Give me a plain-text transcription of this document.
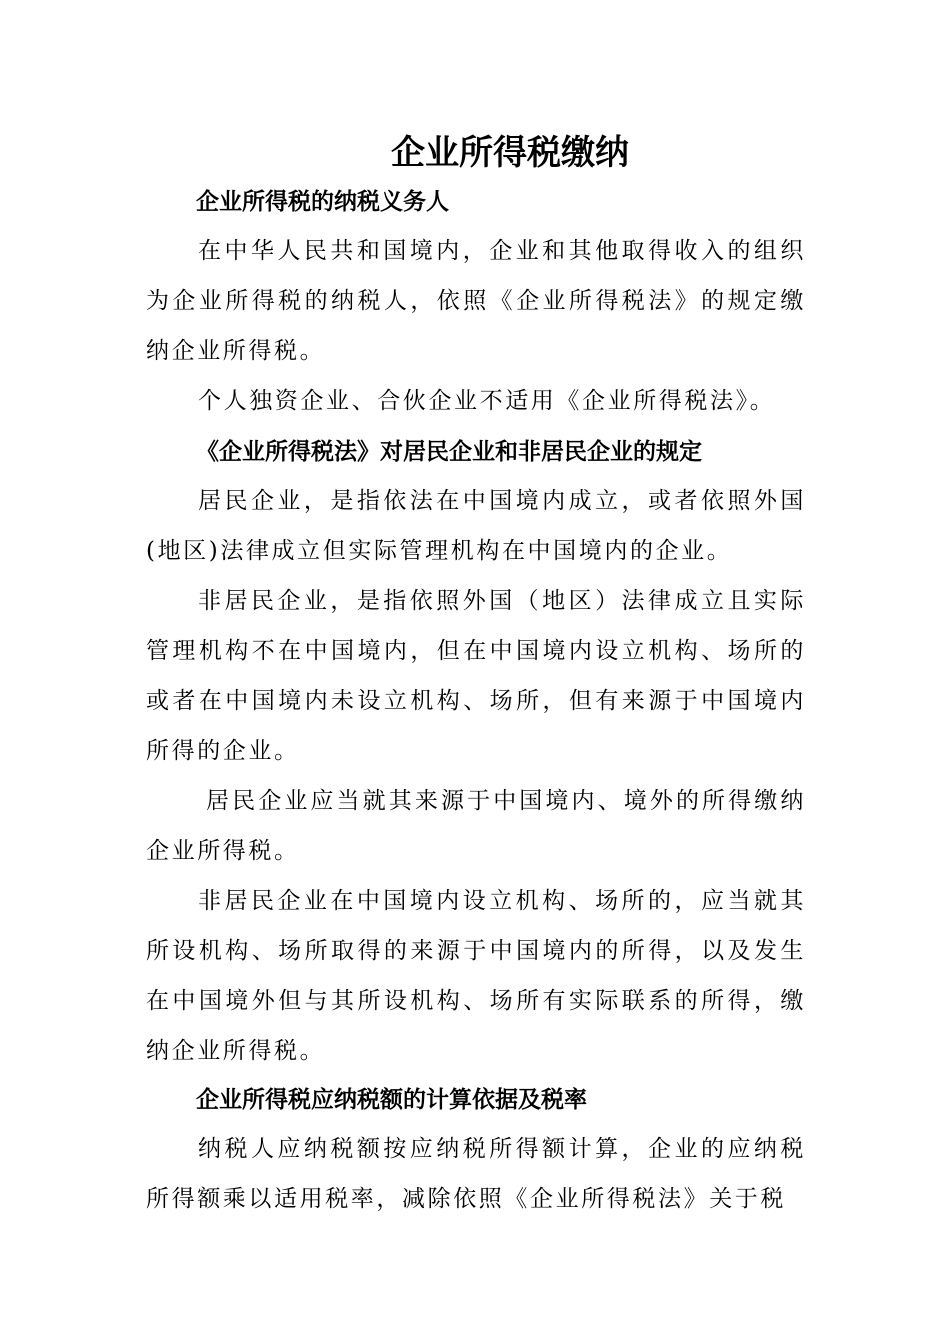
企业所得税缴纳
企业所得税的纳税义务人
在中华人民共和国境内，企业和其他取得收入的组织为企业所得税的纳税人，依照《企业所得税法》的规定缴纳企业所得税。
个人独资企业、合伙企业不适用《企业所得税法》。
《企业所得税法》对居民企业和非居民企业的规定
居民企业，是指依法在中国境内成立，或者依照外国(地区)法律成立但实际管理机构在中国境内的企业。
非居民企业，是指依照外国（地区）法律成立且实际管理机构不在中国境内，但在中国境内设立机构、场所的或者在中国境内未设立机构、场所，但有来源于中国境内所得的企业。
居民企业应当就其来源于中国境内、境外的所得缴纳企业所得税。
非居民企业在中国境内设立机构、场所的，应当就其所设机构、场所取得的来源于中国境内的所得，以及发生在中国境外但与其所设机构、场所有实际联系的所得，缴纳企业所得税。
企业所得税应纳税额的计算依据及税率
纳税人应纳税额按应纳税所得额计算，企业的应纳税所得额乘以适用税率，减除依照《企业所得税法》关于税
